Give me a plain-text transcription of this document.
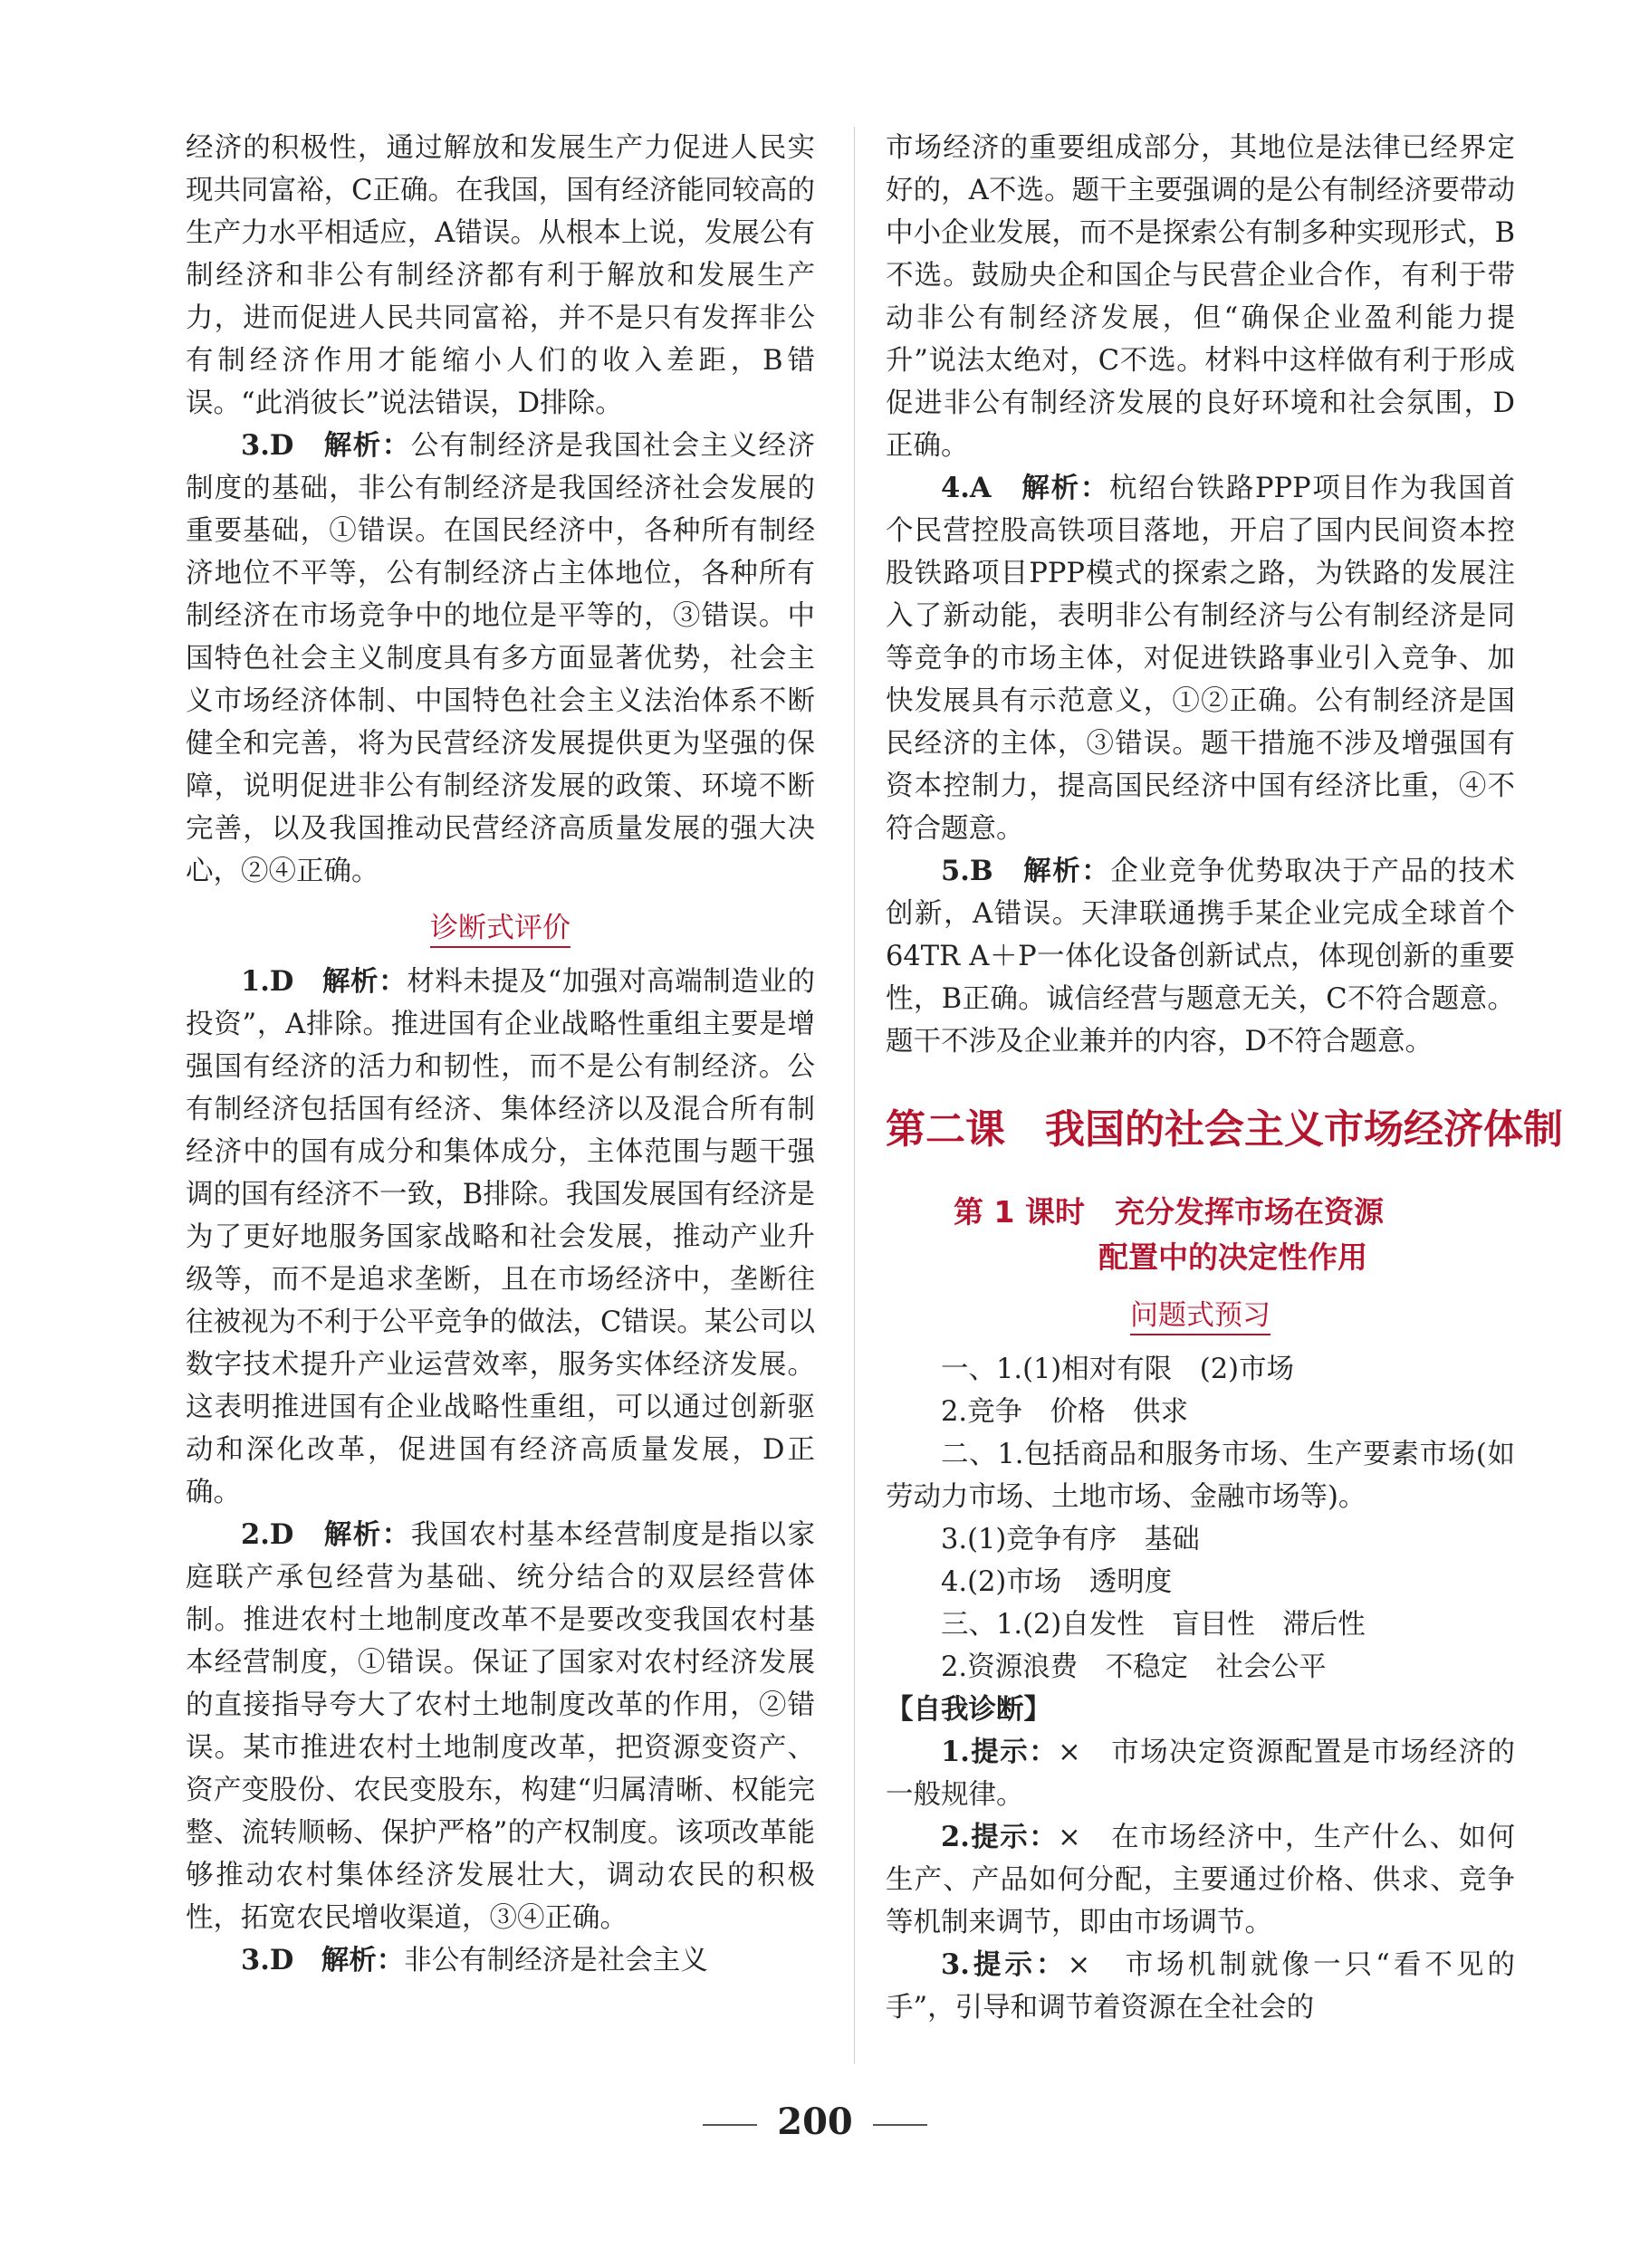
经济的积极性，通过解放和发展生产力促进人民实现共同富裕，C正确。在我国，国有经济能同较高的生产力水平相适应，A错误。从根本上说，发展公有制经济和非公有制经济都有利于解放和发展生产力，进而促进人民共同富裕，并不是只有发挥非公有制经济作用才能缩小人们的收入差距，B错误。“此消彼长”说法错误，D排除。

3.D　 解析：公有制经济是我国社会主义经济制度的基础，非公有制经济是我国经济社会发展的重要基础，①错误。在国民经济中，各种所有制经济地位不平等，公有制经济占主体地位，各种所有制经济在市场竞争中的地位是平等的，③错误。中国特色社会主义制度具有多方面显著优势，社会主义市场经济体制、中国特色社会主义法治体系不断健全和完善，将为民营经济发展提供更为坚强的保障，说明促进非公有制经济发展的政策、环境不断完善，以及我国推动民营经济高质量发展的强大决心，②④正确。

诊断式评价

1.D　 解析：材料未提及“加强对高端制造业的投资”，A排除。推进国有企业战略性重组主要是增强国有经济的活力和韧性，而不是公有制经济。公有制经济包括国有经济、集体经济以及混合所有制经济中的国有成分和集体成分，主体范围与题干强调的国有经济不一致，B排除。我国发展国有经济是为了更好地服务国家战略和社会发展，推动产业升级等，而不是追求垄断，且在市场经济中，垄断往往被视为不利于公平竞争的做法，C错误。某公司以数字技术提升产业运营效率，服务实体经济发展。这表明推进国有企业战略性重组，可以通过创新驱动和深化改革，促进国有经济高质量发展，D正确。

2.D　 解析：我国农村基本经营制度是指以家庭联产承包经营为基础、统分结合的双层经营体制。推进农村土地制度改革不是要改变我国农村基本经营制度，①错误。保证了国家对农村经济发展的直接指导夸大了农村土地制度改革的作用，②错误。某市推进农村土地制度改革，把资源变资产、资产变股份、农民变股东，构建“归属清晰、权能完整、流转顺畅、保护严格”的产权制度。该项改革能够推动农村集体经济发展壮大，调动农民的积极性，拓宽农民增收渠道，③④正确。

3.D　 解析：非公有制经济是社会主义

市场经济的重要组成部分，其地位是法律已经界定好的，A不选。题干主要强调的是公有制经济要带动中小企业发展，而不是探索公有制多种实现形式，B不选。鼓励央企和国企与民营企业合作，有利于带动非公有制经济发展，但“确保企业盈利能力提升”说法太绝对，C不选。材料中这样做有利于形成促进非公有制经济发展的良好环境和社会氛围，D正确。

4.A　 解析：杭绍台铁路PPP项目作为我国首个民营控股高铁项目落地，开启了国内民间资本控股铁路项目PPP模式的探索之路，为铁路的发展注入了新动能，表明非公有制经济与公有制经济是同等竞争的市场主体，对促进铁路事业引入竞争、加快发展具有示范意义，①②正确。公有制经济是国民经济的主体，③错误。题干措施不涉及增强国有资本控制力，提高国民经济中国有经济比重，④不符合题意。

5.B　 解析：企业竞争优势取决于产品的技术创新，A错误。天津联通携手某企业完成全球首个64TR A＋P一体化设备创新试点，体现创新的重要性，B正确。诚信经营与题意无关，C不符合题意。题干不涉及企业兼并的内容，D不符合题意。

第二课　我国的社会主义市场经济体制
第 1 课时　充分发挥市场在资源
配置中的决定性作用
问题式预习

一、1.(1)相对有限　(2)市场

2.竞争　价格　供求

二、1.包括商品和服务市场、生产要素市场(如劳动力市场、土地市场、金融市场等)。

3.(1)竞争有序　基础

4.(2)市场　透明度

三、1.(2)自发性　盲目性　滞后性

2.资源浪费　不稳定　社会公平

【自我诊断】

1.提示：×　市场决定资源配置是市场经济的一般规律。

2.提示：×　在市场经济中，生产什么、如何生产、产品如何分配，主要通过价格、供求、竞争等机制来调节，即由市场调节。

3.提示：×　市场机制就像一只“看不见的手”，引导和调节着资源在全社会的

200
